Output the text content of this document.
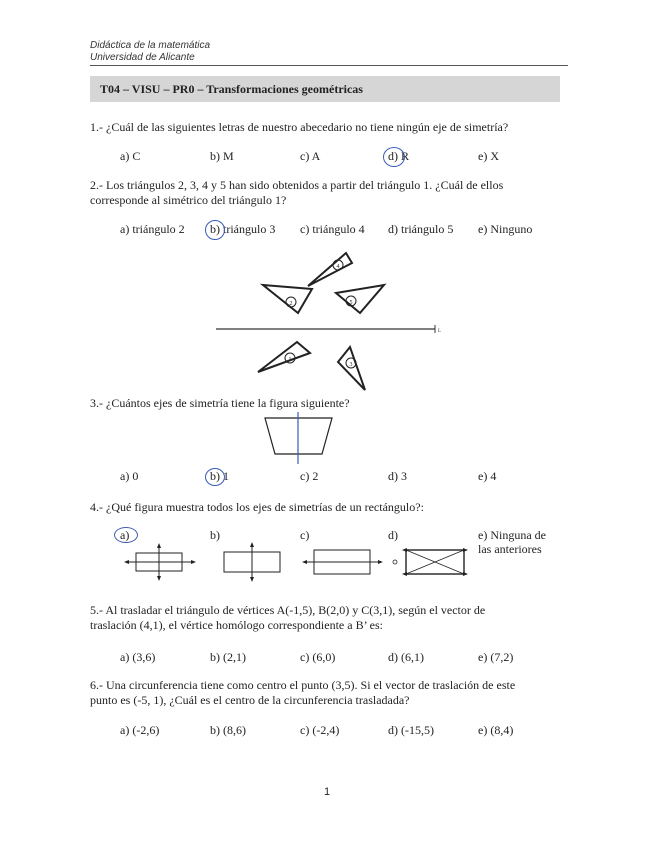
Didáctica de la matemática
Universidad de Alicante
T04 – VISU – PR0 – Transformaciones geométricas
1.- ¿Cuál de las siguientes letras de nuestro abecedario no tiene ningún eje de simetría?
a) C	b) M	c) A	d) R	e) X
2.- Los triángulos 2, 3, 4 y 5 han sido obtenidos a partir del triángulo 1. ¿Cuál de ellos
corresponde al simétrico del triángulo 1?
a) triángulo 2 b) triángulo 3 c) triángulo 4 d) triángulo 5 e) Ninguno
L
4
2	5
1
3
3.- ¿Cuántos ejes de simetría tiene la figura siguiente?
a) 0	b) 1	c) 2	d) 3	e) 4
4.- ¿Qué figura muestra todos los ejes de simetrías de un rectángulo?:
a)	b)	c)	d)	e) Ninguna de
las anteriores
5.- Al trasladar el triángulo de vértices A(-1,5), B(2,0) y C(3,1), según el vector de
traslación (4,1), el vértice homólogo correspondiente a B’ es:
a) (3,6)	b) (2,1)	c) (6,0)	d) (6,1)	e) (7,2)
6.- Una circunferencia tiene como centro el punto (3,5). Si el vector de traslación de este
punto es (-5, 1), ¿Cuál es el centro de la circunferencia trasladada?
a) (-2,6)	b) (8,6)	c) (-2,4)	d) (-15,5)	e) (8,4)
1
